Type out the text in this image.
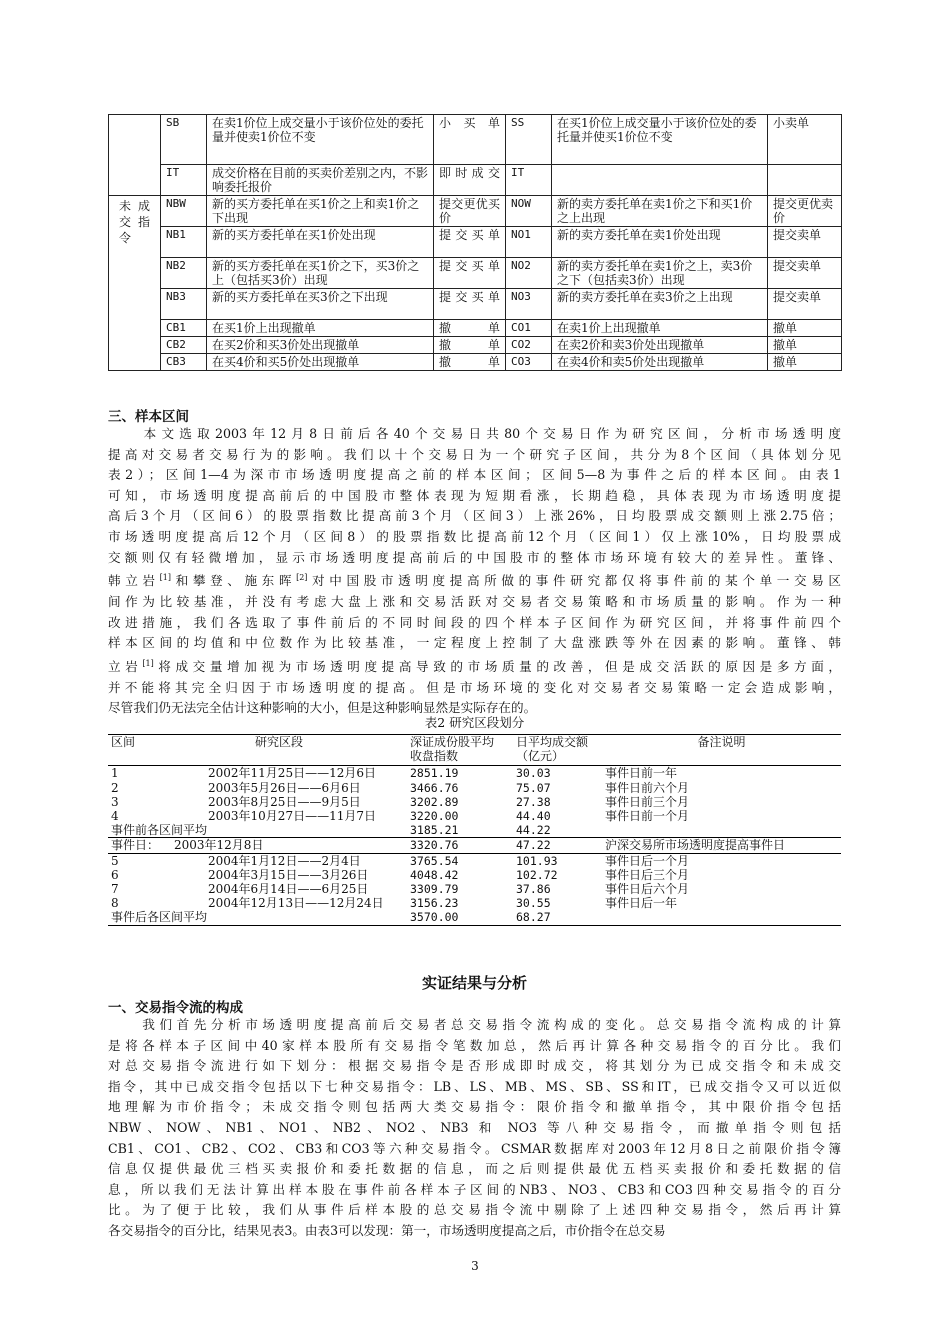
	SB	在卖1价位上成交量小于该价位处的委托量并使卖1价位不变	小买单	SS	在买1价位上成交量小于该价位处的委托量并使买1价位不变	小卖单
	IT	成交价格在目前的买卖价差别之内，不影响委托报价	即时成交	IT		
未成交指令	NBW	新的买方委托单在买1价之上和卖1价之下出现	提交更优买价	NOW	新的卖方委托单在卖1价之下和买1价之上出现	提交更优卖价
	NB1	新的买方委托单在买1价处出现	提交买单	NO1	新的卖方委托单在卖1价处出现	提交卖单
	NB2	新的买方委托单在买1价之下，买3价之上（包括买3价）出现	提交买单	NO2	新的卖方委托单在卖1价之上，卖3价之下（包括卖3价）出现	提交卖单
	NB3	新的买方委托单在买3价之下出现	提交买单	NO3	新的卖方委托单在卖3价之上出现	提交卖单
	CB1	在买1价上出现撤单	撤单	CO1	在卖1价上出现撤单	撤单
	CB2	在买2价和买3价处出现撤单	撤单	CO2	在卖2价和卖3价处出现撤单	撤单
	CB3	在买4价和买5价处出现撤单	撤单	CO3	在卖4价和卖5价处出现撤单	撤单
三、样本区间
　　本文选取2003年12月8日前后各40个交易日共80个交易日作为研究区间，分析市场透明度
提高对交易者交易行为的影响。我们以十个交易日为一个研究子区间，共分为8个区间（具体划分见
表2）；区间1—4为深市市场透明度提高之前的样本区间；区间5—8为事件之后的样本区间。由表1
可知，市场透明度提高前后的中国股市整体表现为短期看涨，长期趋稳，具体表现为市场透明度提
高后3个月（区间6）的股票指数比提高前3个月（区间3）上涨26%，日均股票成交额则上涨2.75倍；
市场透明度提高后12个月（区间8）的股票指数比提高前12个月（区间1）仅上涨10%，日均股票成
交额则仅有轻微增加，显示市场透明度提高前后的中国股市的整体市场环境有较大的差异性。董锋、
韩立岩[1]和攀登、施东晖[2]对中国股市透明度提高所做的事件研究都仅将事件前的某个单一交易区
间作为比较基准，并没有考虑大盘上涨和交易活跃对交易者交易策略和市场质量的影响。作为一种
改进措施，我们各选取了事件前后的不同时间段的四个样本子区间作为研究区间，并将事件前四个
样本区间的均值和中位数作为比较基准，一定程度上控制了大盘涨跌等外在因素的影响。董锋、韩
立岩[1]将成交量增加视为市场透明度提高导致的市场质量的改善，但是成交活跃的原因是多方面，
并不能将其完全归因于市场透明度的提高。但是市场环境的变化对交易者交易策略一定会造成影响，
尽管我们仍无法完全估计这种影响的大小，但是这种影响显然是实际存在的。
表2 研究区段划分
区间	研究区段	深证成份股平均收盘指数	日平均成交额（亿元）	备注说明
1	2002年11月25日——12月6日	2851.19	30.03	事件日前一年
2	2003年5月26日——6月6日	3466.76	75.07	事件日前六个月
3	2003年8月25日——9月5日	3202.89	27.38	事件日前三个月
4	2003年10月27日——11月7日	3220.00	44.40	事件日前一个月
事件前各区间平均		3185.21	44.22	
事件日：	2003年12月8日	3320.76	47.22	沪深交易所市场透明度提高事件日
5	2004年1月12日——2月4日	3765.54	101.93	事件日后一个月
6	2004年3月15日——3月26日	4048.42	102.72	事件日后三个月
7	2004年6月14日——6月25日	3309.79	37.86	事件日后六个月
8	2004年12月13日——12月24日	3156.23	30.55	事件日后一年
事件后各区间平均		3570.00	68.27	
实证结果与分析
一、交易指令流的构成
　　我们首先分析市场透明度提高前后交易者总交易指令流构成的变化。总交易指令流构成的计算
是将各样本子区间中40家样本股所有交易指令笔数加总，然后再计算各种交易指令的百分比。我们
对总交易指令流进行如下划分：根据交易指令是否形成即时成交，将其划分为已成交指令和未成交
指令，其中已成交指令包括以下七种交易指令：LB、LS、MB、MS、SB、SS和IT，已成交指令又可以近似
地理解为市价指令；未成交指令则包括两大类交易指令：限价指令和撤单指令，其中限价指令包括
NBW、NOW、NB1、NO1、NB2、NO2、NB3 和 NO3 等八种交易指令，而撤单指令则包括
CB1、CO1、CB2、CO2、CB3和CO3等六种交易指令。CSMAR数据库对2003年12月8日之前限价指令簿
信息仅提供最优三档买卖报价和委托数据的信息，而之后则提供最优五档买卖报价和委托数据的信
息，所以我们无法计算出样本股在事件前各样本子区间的NB3、NO3、CB3和CO3四种交易指令的百分
比。为了便于比较，我们从事件后样本股的总交易指令流中剔除了上述四种交易指令，然后再计算
各交易指令的百分比，结果见表3。由表3可以发现：第一，市场透明度提高之后，市价指令在总交易
3
